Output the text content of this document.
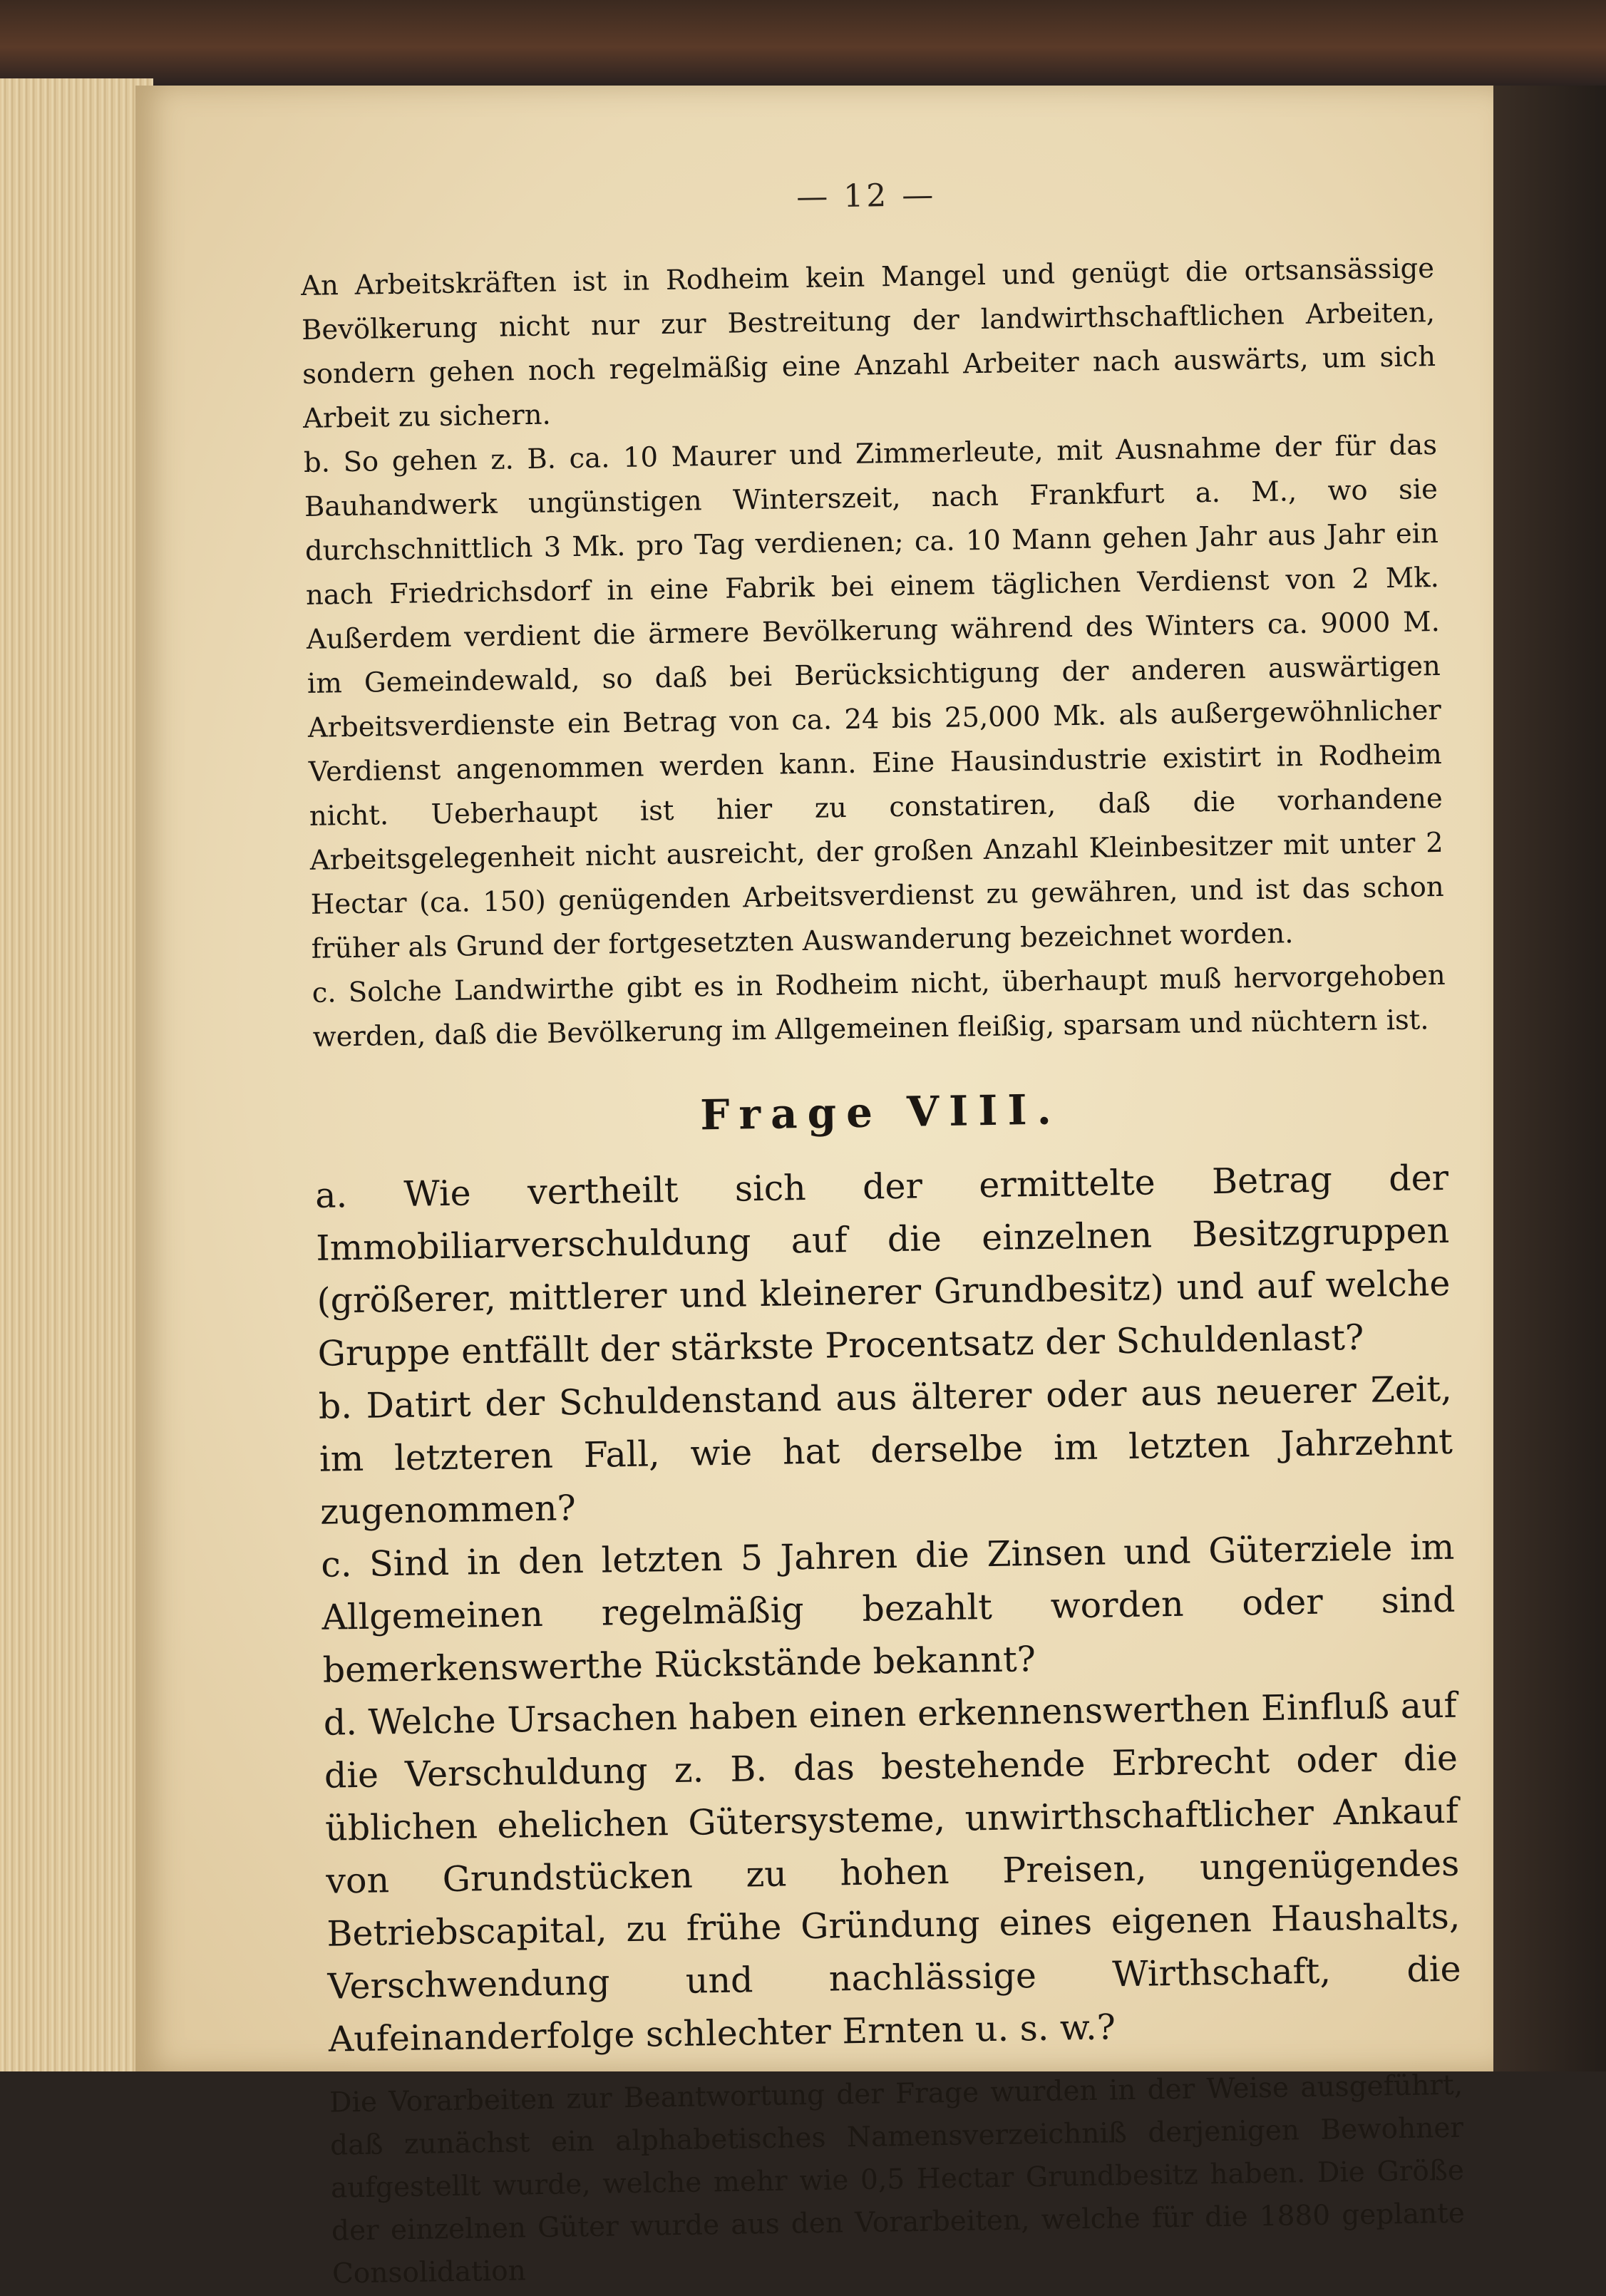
— 12 —

An Arbeitskräften ist in Rodheim kein Mangel und genügt die ortsansässige Bevölkerung nicht nur zur Bestreitung der landwirthschaftlichen Arbeiten, sondern gehen noch regelmäßig eine Anzahl Arbeiter nach auswärts, um sich Arbeit zu sichern.

b. So gehen z. B. ca. 10 Maurer und Zimmerleute, mit Ausnahme der für das Bauhandwerk ungünstigen Winterszeit, nach Frankfurt a. M., wo sie durchschnittlich 3 Mk. pro Tag verdienen; ca. 10 Mann gehen Jahr aus Jahr ein nach Friedrichsdorf in eine Fabrik bei einem täglichen Verdienst von 2 Mk. Außerdem verdient die ärmere Bevölkerung während des Winters ca. 9000 M. im Gemeindewald, so daß bei Berücksichtigung der anderen auswärtigen Arbeitsverdienste ein Betrag von ca. 24 bis 25,000 Mk. als außergewöhnlicher Verdienst angenommen werden kann. Eine Hausindustrie existirt in Rodheim nicht. Ueberhaupt ist hier zu constatiren, daß die vorhandene Arbeitsgelegenheit nicht ausreicht, der großen Anzahl Kleinbesitzer mit unter 2 Hectar (ca. 150) genügenden Arbeitsverdienst zu gewähren, und ist das schon früher als Grund der fortgesetzten Auswanderung bezeichnet worden.

c. Solche Landwirthe gibt es in Rodheim nicht, überhaupt muß hervorgehoben werden, daß die Bevölkerung im Allgemeinen fleißig, sparsam und nüchtern ist.

Frage VIII.

a. Wie vertheilt sich der ermittelte Betrag der Immobiliarverschuldung auf die einzelnen Besitzgruppen (größerer, mittlerer und kleinerer Grundbesitz) und auf welche Gruppe entfällt der stärkste Procentsatz der Schuldenlast?

b. Datirt der Schuldenstand aus älterer oder aus neuerer Zeit, im letzteren Fall, wie hat derselbe im letzten Jahrzehnt zugenommen?

c. Sind in den letzten 5 Jahren die Zinsen und Güterziele im Allgemeinen regelmäßig bezahlt worden oder sind bemerkenswerthe Rückstände bekannt?

d. Welche Ursachen haben einen erkennenswerthen Einfluß auf die Verschuldung z. B. das bestehende Erbrecht oder die üblichen ehelichen Gütersysteme, unwirthschaftlicher Ankauf von Grundstücken zu hohen Preisen, ungenügendes Betriebscapital, zu frühe Gründung eines eigenen Haushalts, Verschwendung und nachlässige Wirthschaft, die Aufeinanderfolge schlechter Ernten u. s. w.?

Die Vorarbeiten zur Beantwortung der Frage wurden in der Weise ausgeführt, daß zunächst ein alphabetisches Namensverzeichniß derjenigen Bewohner aufgestellt wurde, welche mehr wie 0,5 Hectar Grundbesitz haben. Die Größe der einzelnen Güter wurde aus den Vorarbeiten, welche für die 1880 geplante Consolidation
